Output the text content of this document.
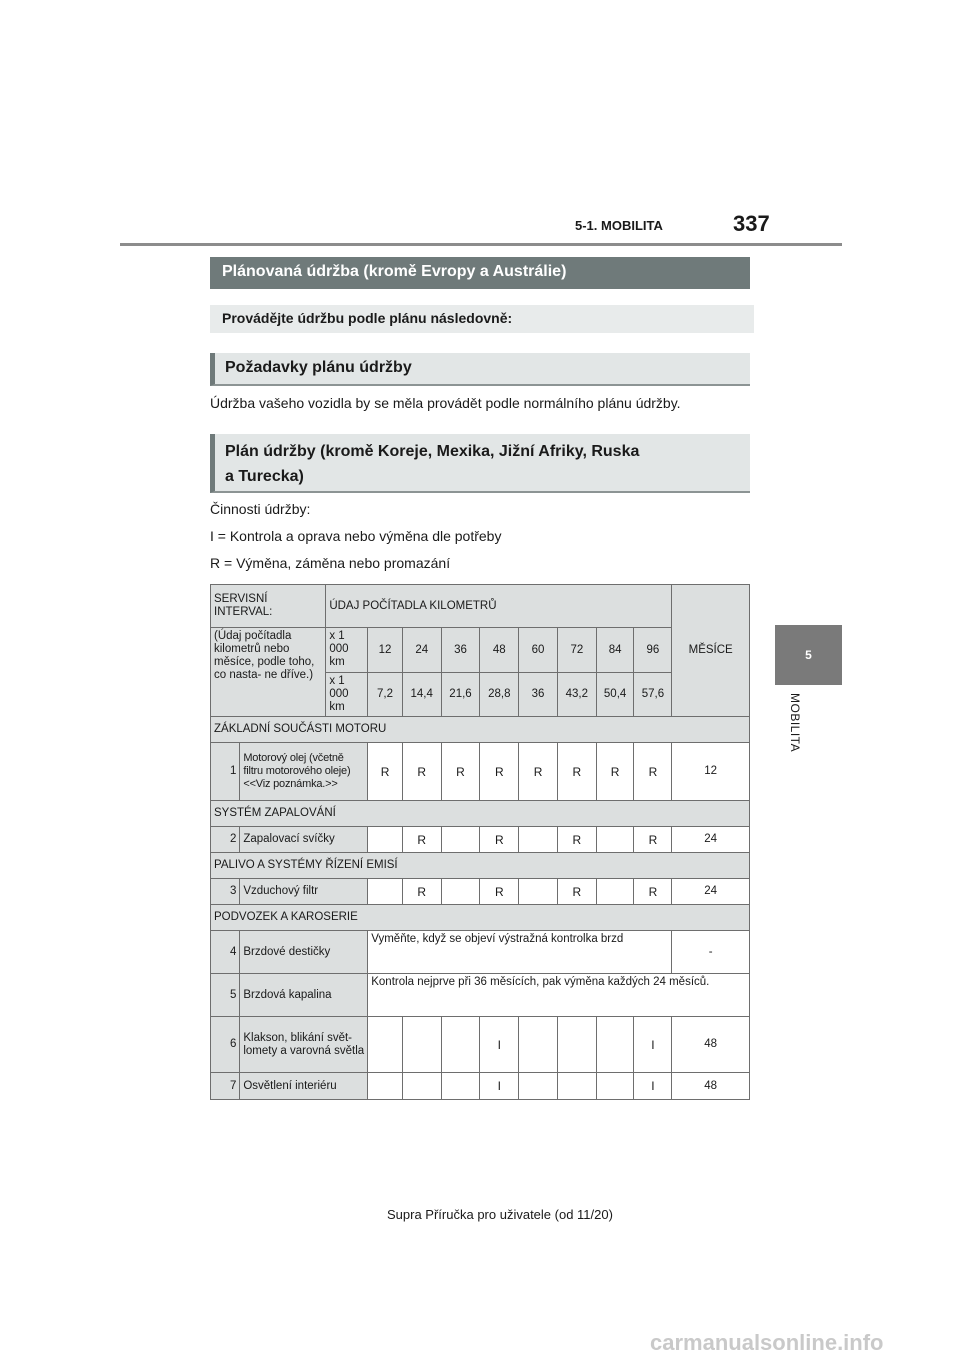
5-1. MOBILITA	337
5
MOBILITA
Plánovaná údržba (kromě Evropy a Austrálie)
Provádějte údržbu podle plánu následovně:
Požadavky plánu údržby
Údržba vašeho vozidla by se měla provádět podle normálního plánu údržby.
Plán údržby (kromě Koreje, Mexika, Jižní Afriky, Ruska
a Turecka)
Činnosti údržby:
I = Kontrola a oprava nebo výměna dle potřeby
R = Výměna, záměna nebo promazání
SERVISNÍ INTERVAL:		ÚDAJ POČÍTADLA KILOMETRŮ									MĚSÍCE
(Údaj počítadla kilometrů nebo měsíce, podle toho, co nasta- ne dříve.)		x 1 000 km	12	24	36	48	60	72	84	96	
		x 1 000 km	7,2	14,4	21,6	28,8	36	43,2	50,4	57,6	
ZÁKLADNÍ SOUČÁSTI MOTORU											
1	Motorový olej (včetně filtru motorového oleje) <<Viz poznámka.>>		R	R	R	R	R	R	R	R	12
SYSTÉM ZAPALOVÁNÍ											
2	Zapalovací svíčky			R		R		R		R	24
PALIVO A SYSTÉMY ŘÍZENÍ EMISÍ											
3	Vzduchový filtr			R		R		R		R	24
PODVOZEK A KAROSERIE											
4	Brzdové destičky		Vyměňte, když se objeví výstražná kontrolka brzd								-
5	Brzdová kapalina		Kontrola nejprve při 36 měsících, pak výměna každých 24 měsíců.								
6	Klakson, blikání svět- lomety a varovná světla					I				I	48
7	Osvětlení interiéru					I				I	48
Supra Příručka pro uživatele (od 11/20)
carmanualsonline.info
